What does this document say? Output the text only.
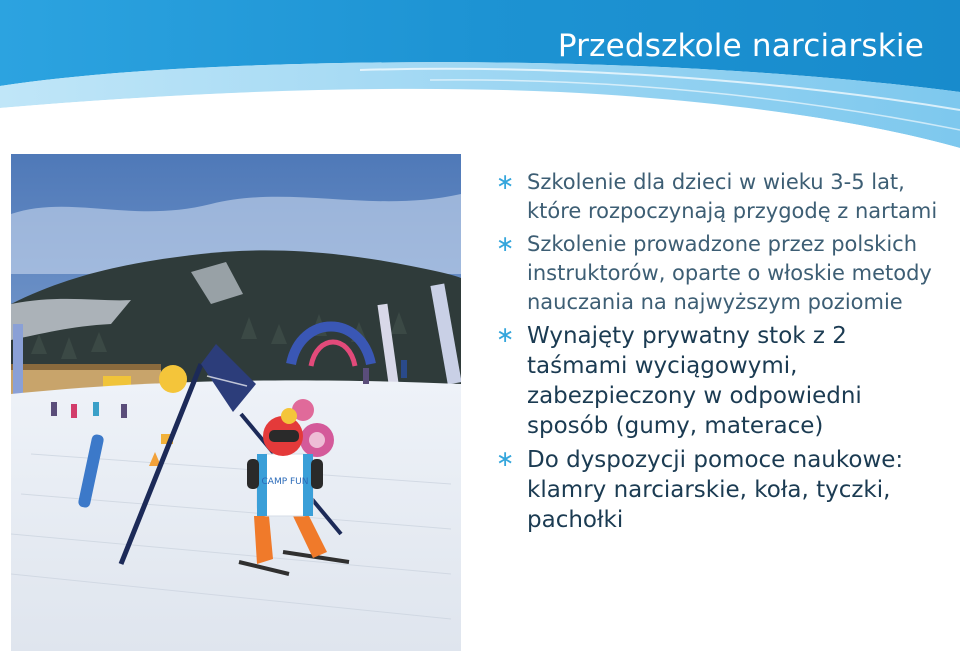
Przedszkole narciarskie
CAMP FUN
∗ Szkolenie dla dzieci w wieku 3-5 lat, które rozpoczynają przygodę z nartami
∗ Szkolenie prowadzone przez polskich instruktorów, oparte o włoskie metody nauczania na najwyższym poziomie
∗ Wynajęty prywatny stok z 2 taśmami wyciągowymi, zabezpieczony w odpowiedni sposób (gumy, materace)
∗ Do dyspozycji pomoce naukowe: klamry narciarskie, koła, tyczki, pachołki
